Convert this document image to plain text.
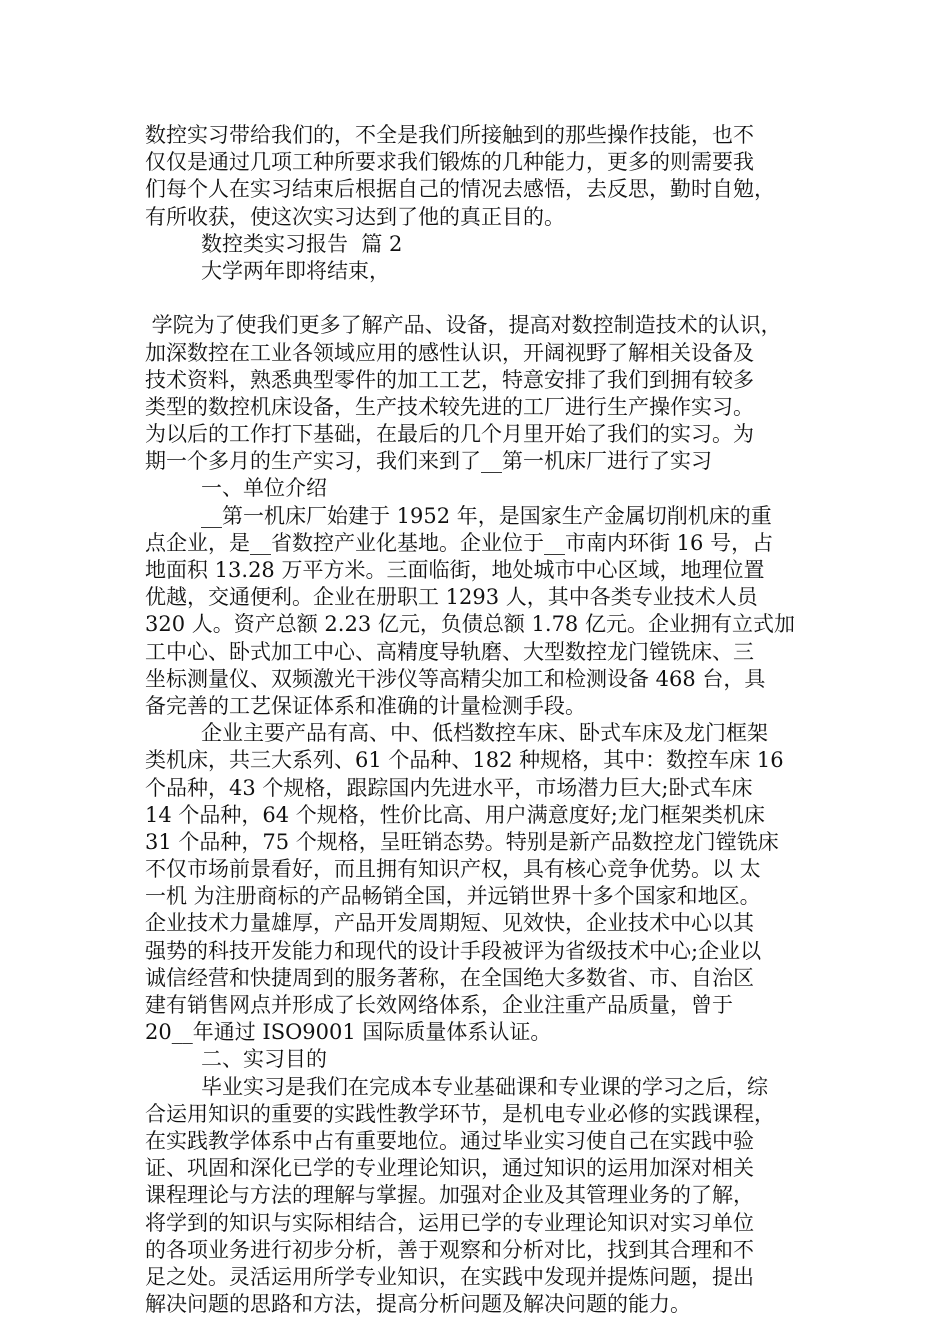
数控实习带给我们的，不全是我们所接触到的那些操作技能，也不
仅仅是通过几项工种所要求我们锻炼的几种能力，更多的则需要我
们每个人在实习结束后根据自己的情况去感悟，去反思，勤时自勉，
有所收获，使这次实习达到了他的真正目的。
数控类实习报告  篇 2
大学两年即将结束，
学院为了使我们更多了解产品、设备，提高对数控制造技术的认识，
加深数控在工业各领域应用的感性认识，开阔视野了解相关设备及
技术资料，熟悉典型零件的加工工艺，特意安排了我们到拥有较多
类型的数控机床设备，生产技术较先进的工厂进行生产操作实习。
为以后的工作打下基础，在最后的几个月里开始了我们的实习。为
期一个多月的生产实习，我们来到了__第一机床厂进行了实习
一、单位介绍
__第一机床厂始建于 1952 年，是国家生产金属切削机床的重
点企业，是__省数控产业化基地。企业位于__市南内环街 16 号，占
地面积 13.28 万平方米。三面临街，地处城市中心区域，地理位置
优越，交通便利。企业在册职工 1293 人，其中各类专业技术人员
320 人。资产总额 2.23 亿元，负债总额 1.78 亿元。企业拥有立式加
工中心、卧式加工中心、高精度导轨磨、大型数控龙门镗铣床、三
坐标测量仪、双频激光干涉仪等高精尖加工和检测设备 468 台，具
备完善的工艺保证体系和准确的计量检测手段。
企业主要产品有高、中、低档数控车床、卧式车床及龙门框架
类机床，共三大系列、61 个品种、182 种规格，其中：数控车床 16
个品种，43 个规格，跟踪国内先进水平，市场潜力巨大;卧式车床
14 个品种，64 个规格，性价比高、用户满意度好;龙门框架类机床
31 个品种，75 个规格，呈旺销态势。特别是新产品数控龙门镗铣床
不仅市场前景看好，而且拥有知识产权，具有核心竞争优势。以 太
一机 为注册商标的产品畅销全国，并远销世界十多个国家和地区。
企业技术力量雄厚，产品开发周期短、见效快，企业技术中心以其
强势的科技开发能力和现代的设计手段被评为省级技术中心;企业以
诚信经营和快捷周到的服务著称，在全国绝大多数省、市、自治区
建有销售网点并形成了长效网络体系，企业注重产品质量，曾于
20__年通过 ISO9001 国际质量体系认证。
二、实习目的
毕业实习是我们在完成本专业基础课和专业课的学习之后，综
合运用知识的重要的实践性教学环节，是机电专业必修的实践课程，
在实践教学体系中占有重要地位。通过毕业实习使自己在实践中验
证、巩固和深化已学的专业理论知识，通过知识的运用加深对相关
课程理论与方法的理解与掌握。加强对企业及其管理业务的了解，
将学到的知识与实际相结合，运用已学的专业理论知识对实习单位
的各项业务进行初步分析，善于观察和分析对比，找到其合理和不
足之处。灵活运用所学专业知识，在实践中发现并提炼问题，提出
解决问题的思路和方法，提高分析问题及解决问题的能力。
